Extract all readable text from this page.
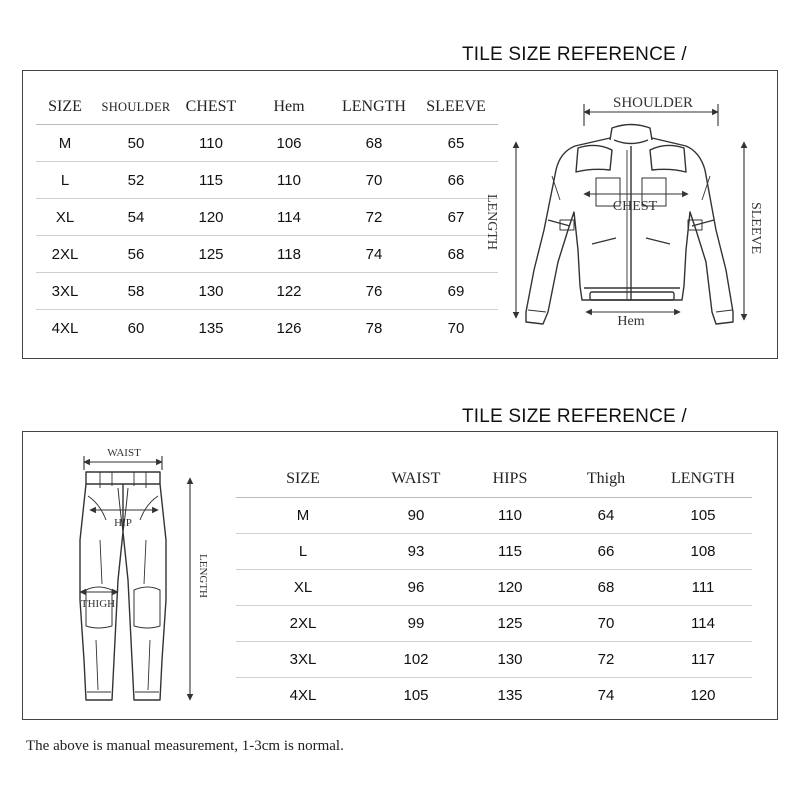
TILE SIZE REFERENCE /
SIZE	SHOULDER	CHEST	Hem	LENGTH	SLEEVE
M	50	110	106	68	65
L	52	115	110	70	66
XL	54	120	114	72	67
2XL	56	125	118	74	68
3XL	58	130	122	76	69
4XL	60	135	126	78	70
SHOULDER
CHEST
Hem
LENGTH	SLEEVE
TILE SIZE REFERENCE /
SIZE	WAIST	HIPS	Thigh	LENGTH
M	90	110	64	105
L	93	115	66	108
XL	96	120	68	111
2XL	99	125	70	114
3XL	102	130	72	117
4XL	105	135	74	120
WAIST
HIP
THIGH
LENGTH
The above is manual measurement, 1-3cm is normal.
